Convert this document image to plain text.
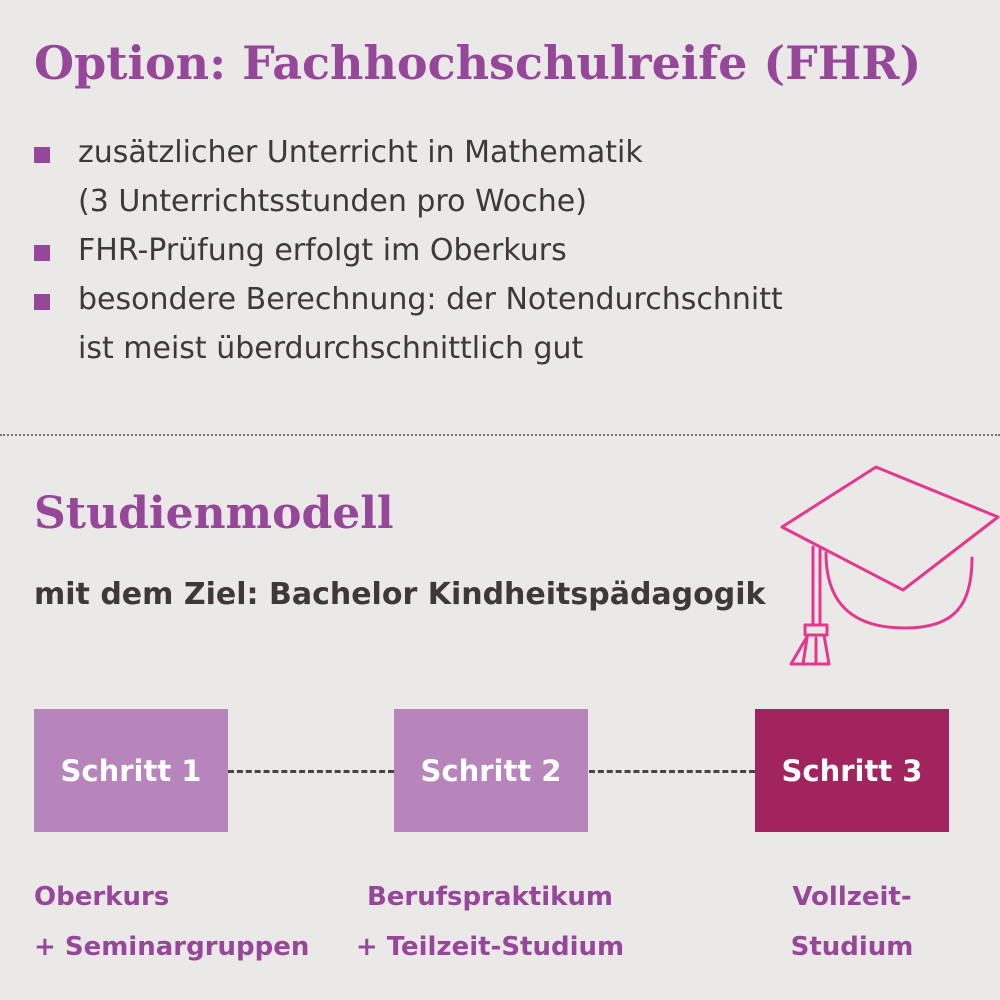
Option: Fachhochschulreife (FHR)
zusätzlicher Unterricht in Mathematik
(3 Unterrichtsstunden pro Woche)
FHR-Prüfung erfolgt im Oberkurs
besondere Berechnung: der Notendurchschnitt
ist meist überdurchschnittlich gut
Studienmodell

mit dem Ziel: Bachelor Kindheitspädagogik

Schritt 1	Schritt 2	Schritt 3
Oberkurs
+ Seminargruppen
Berufspraktikum
+ Teilzeit-Studium
Vollzeit-
Studium
